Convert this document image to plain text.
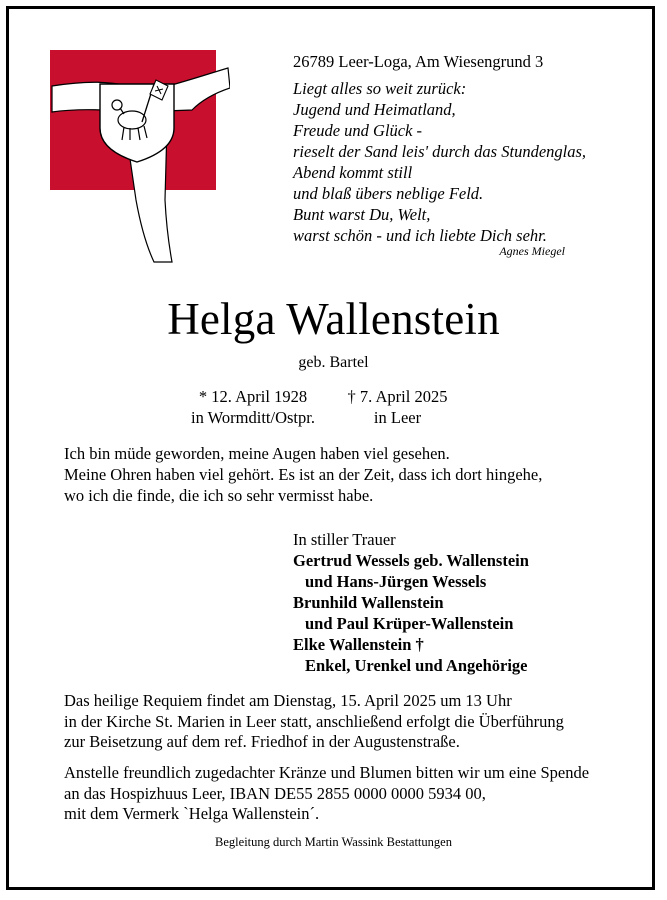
26789 Leer-Loga, Am Wiesengrund 3
Liegt alles so weit zurück:
Jugend und Heimatland,
Freude und Glück -
rieselt der Sand leis' durch das Stundenglas,
Abend kommt still
und blaß übers neblige Feld.
Bunt warst Du, Welt,
warst schön - und ich liebte Dich sehr.
Agnes Miegel
Helga Wallenstein
geb. Bartel
* 12. April 1928
in Wormditt/Ostpr.
† 7. April 2025
in Leer
Ich bin müde geworden, meine Augen haben viel gesehen.
Meine Ohren haben viel gehört. Es ist an der Zeit, dass ich dort hingehe,
wo ich die finde, die ich so sehr vermisst habe.
In stiller Trauer
Gertrud Wessels geb. Wallenstein
und Hans-Jürgen Wessels
Brunhild Wallenstein
und Paul Krüper-Wallenstein
Elke Wallenstein †
Enkel, Urenkel und Angehörige
Das heilige Requiem findet am Dienstag, 15. April 2025 um 13 Uhr
in der Kirche St. Marien in Leer statt, anschließend erfolgt die Überführung
zur Beisetzung auf dem ref. Friedhof in der Augustenstraße.
Anstelle freundlich zugedachter Kränze und Blumen bitten wir um eine Spende
an das Hospizhuus Leer, IBAN DE55 2855 0000 0000 5934 00,
mit dem Vermerk `Helga Wallenstein´.
Begleitung durch Martin Wassink Bestattungen
